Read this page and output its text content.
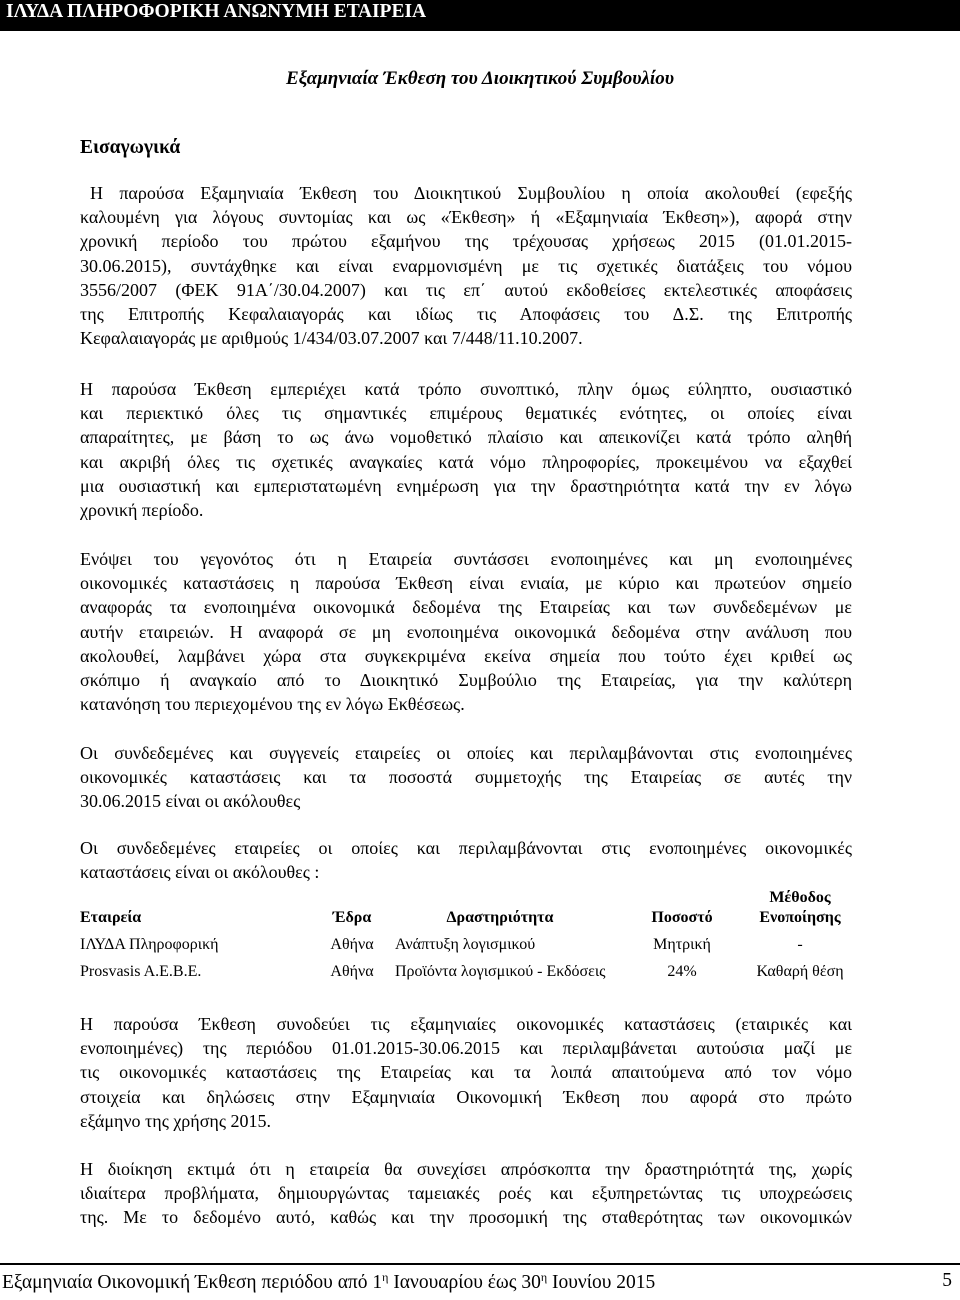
ΙΛΥΔΑ ΠΛΗΡΟΦΟΡΙΚΗ ΑΝΩΝΥΜΗ ΕΤΑΙΡΕΙΑ
Εξαμηνιαία Έκθεση του Διοικητικού Συμβουλίου
Εισαγωγικά
Η παρούσα Εξαμηνιαία Έκθεση του Διοικητικού Συμβουλίου η οποία ακολουθεί (εφεξής
καλουμένη για λόγους συντομίας και ως «Έκθεση» ή «Εξαμηνιαία Έκθεση»), αφορά στην
χρονική περίοδο του πρώτου εξαμήνου της τρέχουσας χρήσεως 2015 (01.01.2015-
30.06.2015), συντάχθηκε και είναι εναρμονισμένη με τις σχετικές διατάξεις του νόμου
3556/2007 (ΦΕΚ 91Α΄/30.04.2007) και τις επ΄ αυτού εκδοθείσες εκτελεστικές αποφάσεις
της Επιτροπής Κεφαλαιαγοράς και ιδίως τις Αποφάσεις του Δ.Σ. της Επιτροπής
Κεφαλαιαγοράς με αριθμούς 1/434/03.07.2007 και 7/448/11.10.2007.
Η παρούσα Έκθεση εμπεριέχει κατά τρόπο συνοπτικό, πλην όμως εύληπτο, ουσιαστικό
και περιεκτικό όλες τις σημαντικές επιμέρους θεματικές ενότητες, οι οποίες είναι
απαραίτητες, με βάση το ως άνω νομοθετικό πλαίσιο και απεικονίζει κατά τρόπο αληθή
και ακριβή όλες τις σχετικές αναγκαίες κατά νόμο πληροφορίες, προκειμένου να εξαχθεί
μια ουσιαστική και εμπεριστατωμένη ενημέρωση για την δραστηριότητα κατά την εν λόγω
χρονική περίοδο.
Ενόψει του γεγονότος ότι η Εταιρεία συντάσσει ενοποιημένες και μη ενοποιημένες
οικονομικές καταστάσεις η παρούσα Έκθεση είναι ενιαία, με κύριο και πρωτεύον σημείο
αναφοράς τα ενοποιημένα οικονομικά δεδομένα της Εταιρείας και των συνδεδεμένων με
αυτήν εταιρειών. Η αναφορά σε μη ενοποιημένα οικονομικά δεδομένα στην ανάλυση που
ακολουθεί, λαμβάνει χώρα στα συγκεκριμένα εκείνα σημεία που τούτο έχει κριθεί ως
σκόπιμο ή αναγκαίο από το Διοικητικό Συμβούλιο της Εταιρείας, για την καλύτερη
κατανόηση του περιεχομένου της εν λόγω Εκθέσεως.
Οι συνδεδεμένες και συγγενείς εταιρείες οι οποίες και περιλαμβάνονται στις ενοποιημένες
οικονομικές καταστάσεις και τα ποσοστά συμμετοχής της Εταιρείας σε αυτές την
30.06.2015 είναι οι ακόλουθες
Οι συνδεδεμένες εταιρείες οι οποίες και περιλαμβάνονται στις ενοποιημένες οικονομικές
καταστάσεις είναι οι ακόλουθες :
Μέθοδος
Εταιρεία	Έδρα	Δραστηριότητα	Ποσοστό	Ενοποίησης
ΙΛΥΔΑ Πληροφορική	Αθήνα	Ανάπτυξη λογισμικού	Μητρική	-
Prosvasis A.E.B.E.	Αθήνα	Προϊόντα λογισμικού - Εκδόσεις	24%	Καθαρή θέση
Η παρούσα Έκθεση συνοδεύει τις εξαμηνιαίες οικονομικές καταστάσεις (εταιρικές και
ενοποιημένες) της περιόδου 01.01.2015-30.06.2015 και περιλαμβάνεται αυτούσια μαζί με
τις οικονομικές καταστάσεις της Εταιρείας και τα λοιπά απαιτούμενα από τον νόμο
στοιχεία και δηλώσεις στην Εξαμηνιαία Οικονομική Έκθεση που αφορά στο πρώτο
εξάμηνο της χρήσης 2015.
Η διοίκηση εκτιμά ότι η εταιρεία θα συνεχίσει απρόσκοπτα την δραστηριότητά της, χωρίς
ιδιαίτερα προβλήματα, δημιουργώντας ταμειακές ροές και εξυπηρετώντας τις υποχρεώσεις
της. Με το δεδομένο αυτό, καθώς και την προσομική της σταθερότητας των οικονομικών
Εξαμηνιαία Οικονομική Έκθεση περιόδου από $1^\eta$ Ιανουαρίου έως $30^\eta$ Ιουνίου 2015	5
